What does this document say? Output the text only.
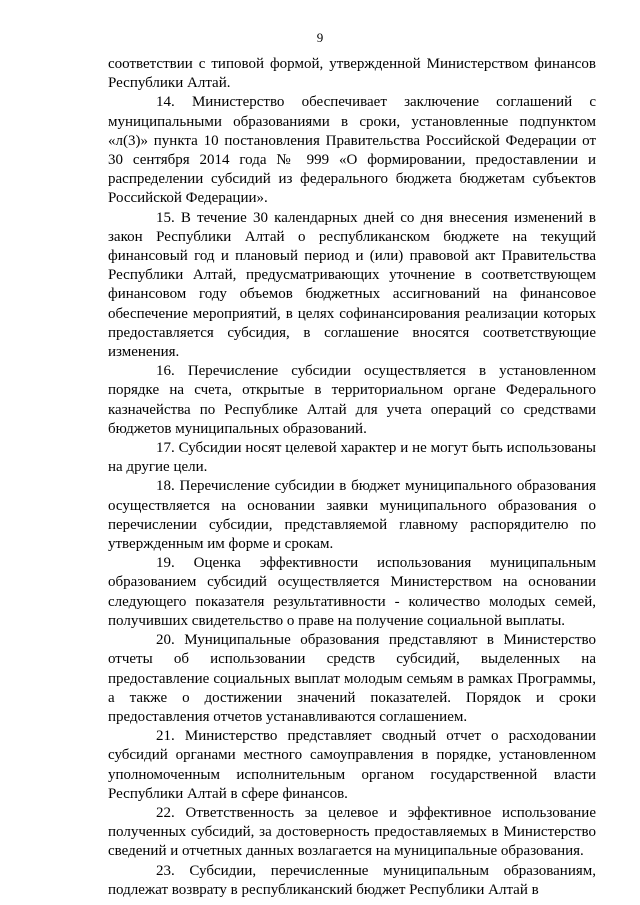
9

соответствии с типовой формой, утвержденной Министерством финансов Республики Алтай.

14. Министерство обеспечивает заключение соглашений с муниципальными образованиями в сроки, установленные подпунктом «л(3)» пункта 10 постановления Правительства Российской Федерации от 30 сентября 2014 года № 999 «О формировании, предоставлении и распределении субсидий из федерального бюджета бюджетам субъектов Российской Федерации».

15. В течение 30 календарных дней со дня внесения изменений в закон Республики Алтай о республиканском бюджете на текущий финансовый год и плановый период и (или) правовой акт Правительства Республики Алтай, предусматривающих уточнение в соответствующем финансовом году объемов бюджетных ассигнований на финансовое обеспечение мероприятий, в целях софинансирования реализации которых предоставляется субсидия, в соглашение вносятся соответствующие изменения.

16. Перечисление субсидии осуществляется в установленном порядке на счета, открытые в территориальном органе Федерального казначейства по Республике Алтай для учета операций со средствами бюджетов муниципальных образований.

17. Субсидии носят целевой характер и не могут быть использованы на другие цели.

18. Перечисление субсидии в бюджет муниципального образования осуществляется на основании заявки муниципального образования о перечислении субсидии, представляемой главному распорядителю по утвержденным им форме и срокам.

19. Оценка эффективности использования муниципальным образованием субсидий осуществляется Министерством на основании следующего показателя результативности - количество молодых семей, получивших свидетельство о праве на получение социальной выплаты.

20. Муниципальные образования представляют в Министерство отчеты об использовании средств субсидий, выделенных на предоставление социальных выплат молодым семьям в рамках Программы, а также о достижении значений показателей. Порядок и сроки предоставления отчетов устанавливаются соглашением.

21. Министерство представляет сводный отчет о расходовании субсидий органами местного самоуправления в порядке, установленном уполномоченным исполнительным органом государственной власти Республики Алтай в сфере финансов.

22. Ответственность за целевое и эффективное использование полученных субсидий, за достоверность предоставляемых в Министерство сведений и отчетных данных возлагается на муниципальные образования.

23. Субсидии, перечисленные муниципальным образованиям, подлежат возврату в республиканский бюджет Республики Алтай в
